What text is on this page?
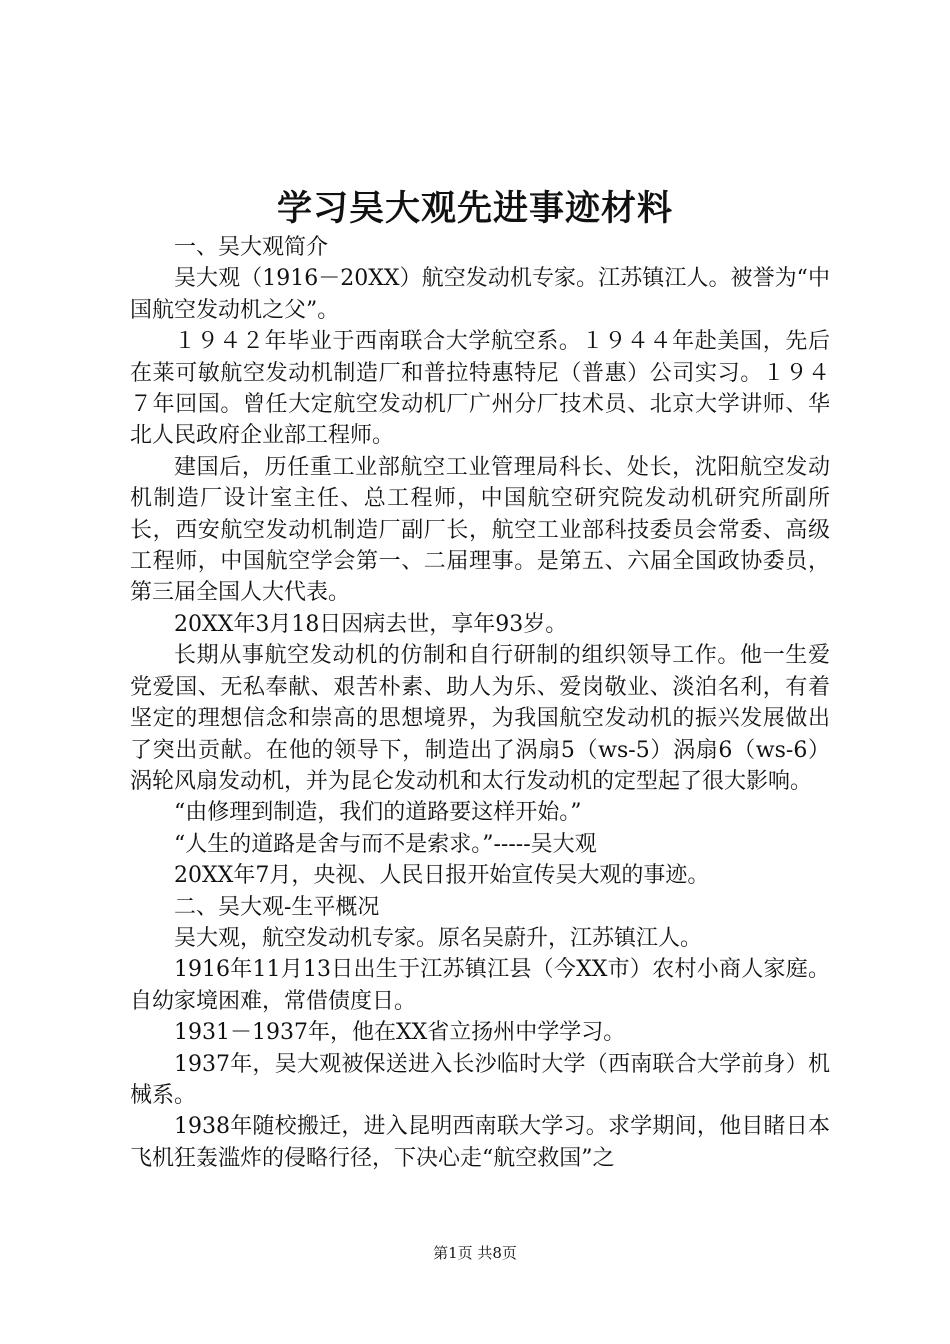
学习吴大观先进事迹材料

一、吴大观简介

吴大观（1916－20XX）航空发动机专家。江苏镇江人。被誉为“中国航空发动机之父”。

１９４２年毕业于西南联合大学航空系。１９４４年赴美国，先后在莱可敏航空发动机制造厂和普拉特惠特尼（普惠）公司实习。１９４７年回国。曾任大定航空发动机厂广州分厂技术员、北京大学讲师、华北人民政府企业部工程师。

建国后，历任重工业部航空工业管理局科长、处长，沈阳航空发动机制造厂设计室主任、总工程师，中国航空研究院发动机研究所副所长，西安航空发动机制造厂副厂长，航空工业部科技委员会常委、高级工程师，中国航空学会第一、二届理事。是第五、六届全国政协委员，第三届全国人大代表。

20XX年3月18日因病去世，享年93岁。

长期从事航空发动机的仿制和自行研制的组织领导工作。他一生爱党爱国、无私奉献、艰苦朴素、助人为乐、爱岗敬业、淡泊名利，有着坚定的理想信念和崇高的思想境界，为我国航空发动机的振兴发展做出了突出贡献。在他的领导下，制造出了涡扇5（ws-5）涡扇6（ws-6）涡轮风扇发动机，并为昆仑发动机和太行发动机的定型起了很大影响。

“由修理到制造，我们的道路要这样开始。”

“人生的道路是舍与而不是索求。”-----吴大观

20XX年7月，央视、人民日报开始宣传吴大观的事迹。

二、吴大观-生平概况

吴大观，航空发动机专家。原名吴蔚升，江苏镇江人。

1916年11月13日出生于江苏镇江县（今XX市）农村小商人家庭。自幼家境困难，常借债度日。

1931－1937年，他在XX省立扬州中学学习。

1937年，吴大观被保送进入长沙临时大学（西南联合大学前身）机械系。

1938年随校搬迁，进入昆明西南联大学习。求学期间，他目睹日本飞机狂轰滥炸的侵略行径，下决心走“航空救国”之

第1页 共8页
